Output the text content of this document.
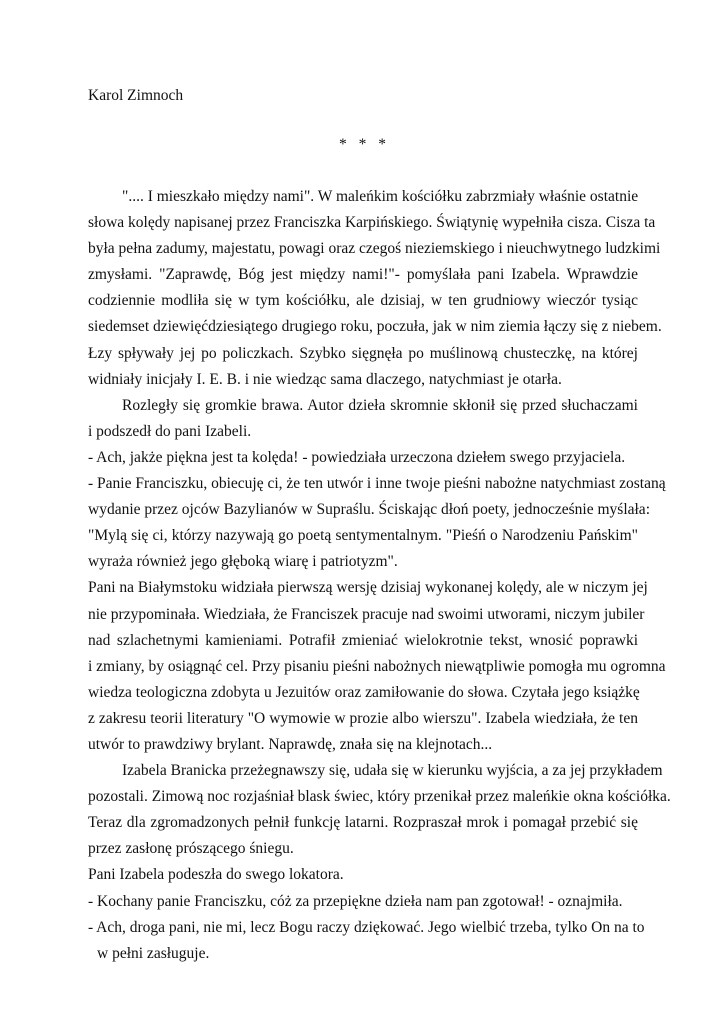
Karol Zimnoch

* * *

".... I mieszkało między nami". W maleńkim kościółku zabrzmiały właśnie ostatnie
słowa kolędy napisanej przez Franciszka Karpińskiego. Świątynię wypełniła cisza. Cisza ta
była pełna zadumy, majestatu, powagi oraz czegoś nieziemskiego i nieuchwytnego ludzkimi
zmysłami. "Zaprawdę, Bóg jest między nami!"- pomyślała pani Izabela. Wprawdzie
codziennie modliła się w tym kościółku, ale dzisiaj, w ten grudniowy wieczór tysiąc
siedemset dziewięćdziesiątego drugiego roku, poczuła, jak w nim ziemia łączy się z niebem.
Łzy spływały jej po policzkach. Szybko sięgnęła po muślinową chusteczkę, na której
widniały inicjały I. E. B. i nie wiedząc sama dlaczego, natychmiast je otarła.
Rozległy się gromkie brawa. Autor dzieła skromnie skłonił się przed słuchaczami
i podszedł do pani Izabeli.
- Ach, jakże piękna jest ta kolęda! - powiedziała urzeczona dziełem swego przyjaciela.
- Panie Franciszku, obiecuję ci, że ten utwór i inne twoje pieśni nabożne natychmiast zostaną
wydanie przez ojców Bazylianów w Supraślu. Ściskając dłoń poety, jednocześnie myślała:
"Mylą się ci, którzy nazywają go poetą sentymentalnym. "Pieśń o Narodzeniu Pańskim"
wyraża również jego głęboką wiarę i patriotyzm".
Pani na Białymstoku widziała pierwszą wersję dzisiaj wykonanej kolędy, ale w niczym jej
nie przypominała. Wiedziała, że Franciszek pracuje nad swoimi utworami, niczym jubiler
nad szlachetnymi kamieniami. Potrafił zmieniać wielokrotnie tekst, wnosić poprawki
i zmiany, by osiągnąć cel. Przy pisaniu pieśni nabożnych niewątpliwie pomogła mu ogromna
wiedza teologiczna zdobyta u Jezuitów oraz zamiłowanie do słowa. Czytała jego książkę
z zakresu teorii literatury "O wymowie w prozie albo wierszu". Izabela wiedziała, że ten
utwór to prawdziwy brylant. Naprawdę, znała się na klejnotach...
Izabela Branicka przeżegnawszy się, udała się w kierunku wyjścia, a za jej przykładem
pozostali. Zimową noc rozjaśniał blask świec, który przenikał przez maleńkie okna kościółka.
Teraz dla zgromadzonych pełnił funkcję latarni. Rozpraszał mrok i pomagał przebić się
przez zasłonę prószącego śniegu.
Pani Izabela podeszła do swego lokatora.
- Kochany panie Franciszku, cóż za przepiękne dzieła nam pan zgotował! - oznajmiła.
- Ach, droga pani, nie mi, lecz Bogu raczy dziękować. Jego wielbić trzeba, tylko On na to
w pełni zasługuje.
